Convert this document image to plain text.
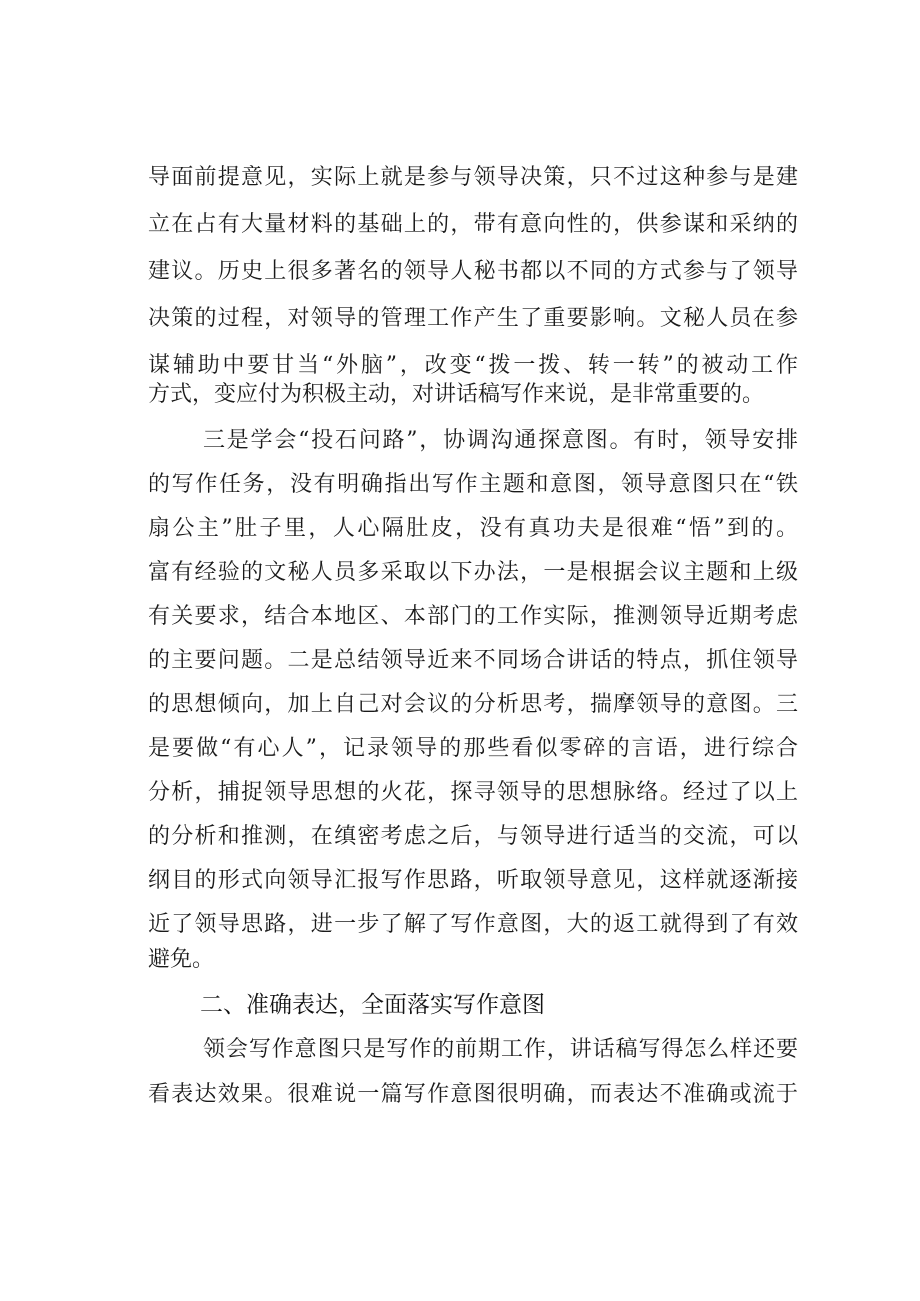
导面前提意见，实际上就是参与领导决策，只不过这种参与是建
立在占有大量材料的基础上的，带有意向性的，供参谋和采纳的
建议。历史上很多著名的领导人秘书都以不同的方式参与了领导
决策的过程，对领导的管理工作产生了重要影响。文秘人员在参
谋辅助中要甘当“外脑”，改变“拨一拨、转一转”的被动工作
方式，变应付为积极主动，对讲话稿写作来说，是非常重要的。
三是学会“投石问路”，协调沟通探意图。有时，领导安排
的写作任务，没有明确指出写作主题和意图，领导意图只在“铁
扇公主”肚子里，人心隔肚皮，没有真功夫是很难“悟”到的。
富有经验的文秘人员多采取以下办法，一是根据会议主题和上级
有关要求，结合本地区、本部门的工作实际，推测领导近期考虑
的主要问题。二是总结领导近来不同场合讲话的特点，抓住领导
的思想倾向，加上自己对会议的分析思考，揣摩领导的意图。三
是要做“有心人”，记录领导的那些看似零碎的言语，进行综合
分析，捕捉领导思想的火花，探寻领导的思想脉络。经过了以上
的分析和推测，在缜密考虑之后，与领导进行适当的交流，可以
纲目的形式向领导汇报写作思路，听取领导意见，这样就逐渐接
近了领导思路，进一步了解了写作意图，大的返工就得到了有效
避免。
二、准确表达，全面落实写作意图
领会写作意图只是写作的前期工作，讲话稿写得怎么样还要
看表达效果。很难说一篇写作意图很明确，而表达不准确或流于
